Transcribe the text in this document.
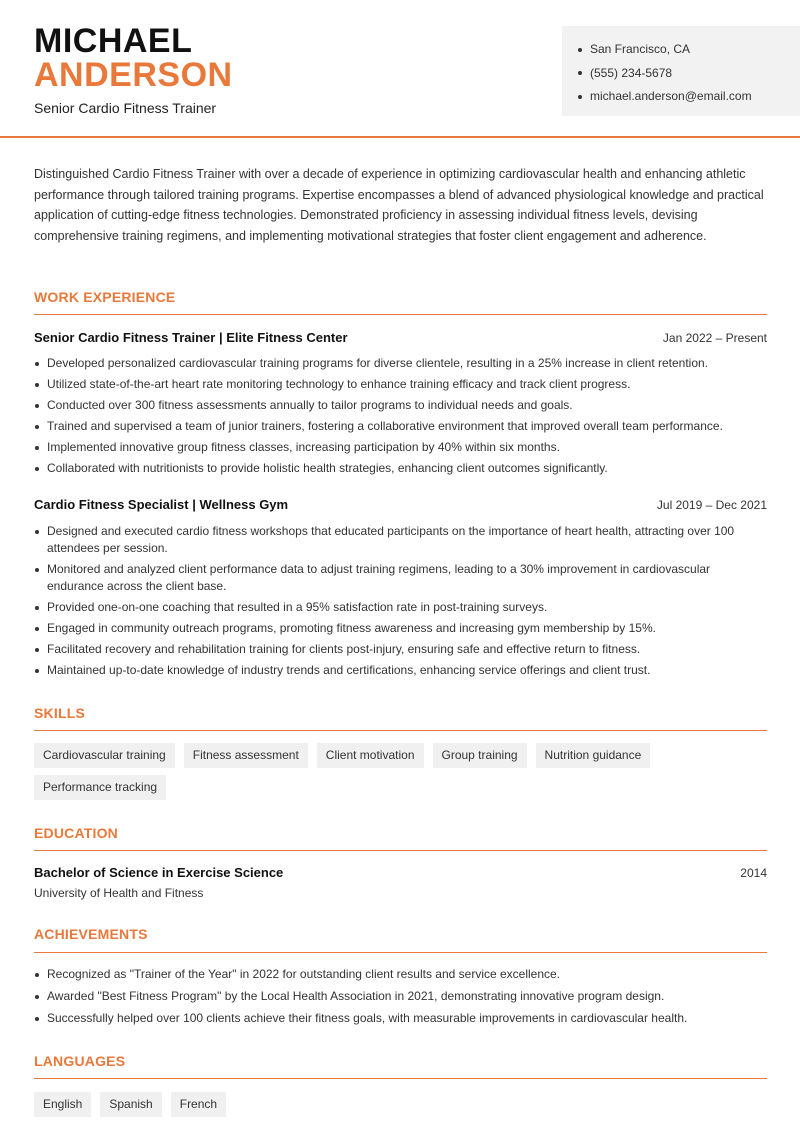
MICHAEL
ANDERSON
Senior Cardio Fitness Trainer
San Francisco, CA
(555) 234-5678
michael.anderson@email.com
Distinguished Cardio Fitness Trainer with over a decade of experience in optimizing cardiovascular health and enhancing athletic performance through tailored training programs. Expertise encompasses a blend of advanced physiological knowledge and practical application of cutting-edge fitness technologies. Demonstrated proficiency in assessing individual fitness levels, devising comprehensive training regimens, and implementing motivational strategies that foster client engagement and adherence.
WORK EXPERIENCE
Senior Cardio Fitness Trainer | Elite Fitness Center	Jan 2022 – Present
Developed personalized cardiovascular training programs for diverse clientele, resulting in a 25% increase in client retention.
Utilized state-of-the-art heart rate monitoring technology to enhance training efficacy and track client progress.
Conducted over 300 fitness assessments annually to tailor programs to individual needs and goals.
Trained and supervised a team of junior trainers, fostering a collaborative environment that improved overall team performance.
Implemented innovative group fitness classes, increasing participation by 40% within six months.
Collaborated with nutritionists to provide holistic health strategies, enhancing client outcomes significantly.
Cardio Fitness Specialist | Wellness Gym	Jul 2019 – Dec 2021
Designed and executed cardio fitness workshops that educated participants on the importance of heart health, attracting over 100 attendees per session.
Monitored and analyzed client performance data to adjust training regimens, leading to a 30% improvement in cardiovascular endurance across the client base.
Provided one-on-one coaching that resulted in a 95% satisfaction rate in post-training surveys.
Engaged in community outreach programs, promoting fitness awareness and increasing gym membership by 15%.
Facilitated recovery and rehabilitation training for clients post-injury, ensuring safe and effective return to fitness.
Maintained up-to-date knowledge of industry trends and certifications, enhancing service offerings and client trust.
SKILLS
Cardiovascular training	Fitness assessment	Client motivation	Group training	Nutrition guidance
Performance tracking
EDUCATION
Bachelor of Science in Exercise Science	2014
University of Health and Fitness
ACHIEVEMENTS
Recognized as "Trainer of the Year" in 2022 for outstanding client results and service excellence.
Awarded "Best Fitness Program" by the Local Health Association in 2021, demonstrating innovative program design.
Successfully helped over 100 clients achieve their fitness goals, with measurable improvements in cardiovascular health.
LANGUAGES
English	Spanish	French
